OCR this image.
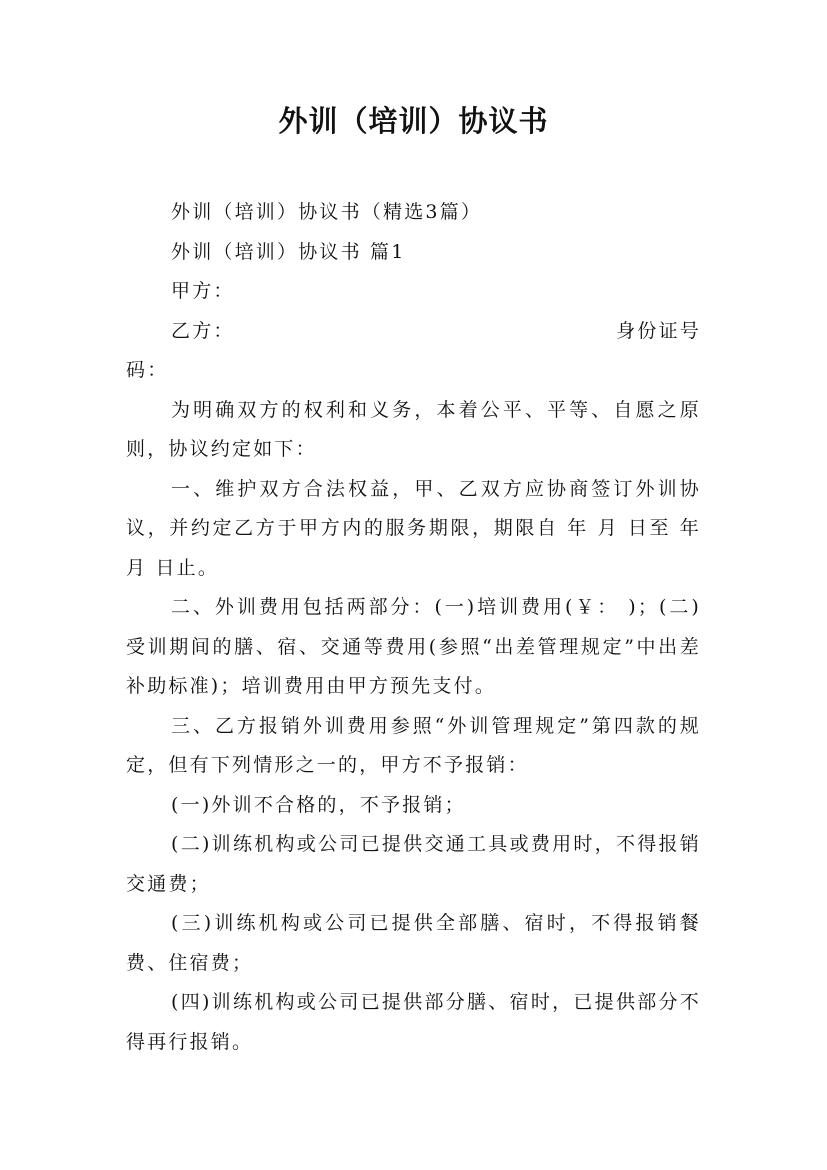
外训（培训）协议书

外训（培训）协议书（精选3篇）

外训（培训）协议书 篇1

甲方：

乙方：	身份证号

码：

为明确双方的权利和义务，本着公平、平等、自愿之原则，协议约定如下：

一、维护双方合法权益，甲、乙双方应协商签订外训协议，并约定乙方于甲方内的服务期限，期限自 年 月 日至 年 月 日止。

二、外训费用包括两部分：(一)培训费用(￥： )；(二)受训期间的膳、宿、交通等费用(参照“出差管理规定”中出差补助标准)；培训费用由甲方预先支付。

三、乙方报销外训费用参照“外训管理规定”第四款的规定，但有下列情形之一的，甲方不予报销：

(一)外训不合格的，不予报销；

(二)训练机构或公司已提供交通工具或费用时，不得报销交通费；

(三)训练机构或公司已提供全部膳、宿时，不得报销餐费、住宿费；

(四)训练机构或公司已提供部分膳、宿时，已提供部分不得再行报销。
